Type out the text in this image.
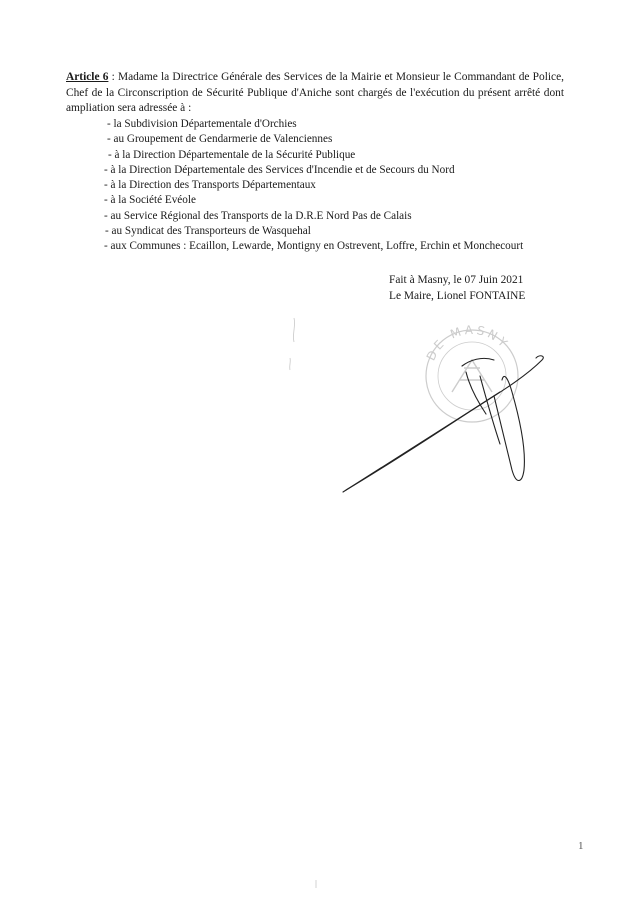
Article 6 : Madame la Directrice Générale des Services de la Mairie et Monsieur le Commandant de Police, Chef de la Circonscription de Sécurité Publique d'Aniche sont chargés de l'exécution du présent arrêté dont ampliation sera adressée à :
- la Subdivision Départementale d'Orchies
- au Groupement de Gendarmerie de Valenciennes
- à la Direction Départementale de la Sécurité Publique
- à la Direction Départementale des Services d'Incendie et de Secours du Nord
- à la Direction des Transports Départementaux
- à la Société Evéole
- au Service Régional des Transports de la D.R.E Nord Pas de Calais
- au Syndicat des Transporteurs de Wasquehal
- aux Communes : Ecaillon, Lewarde, Montigny en Ostrevent, Loffre, Erchin et Monchecourt
Fait à Masny, le 07 Juin 2021
Le Maire, Lionel FONTAINE
DE MASNY
1
